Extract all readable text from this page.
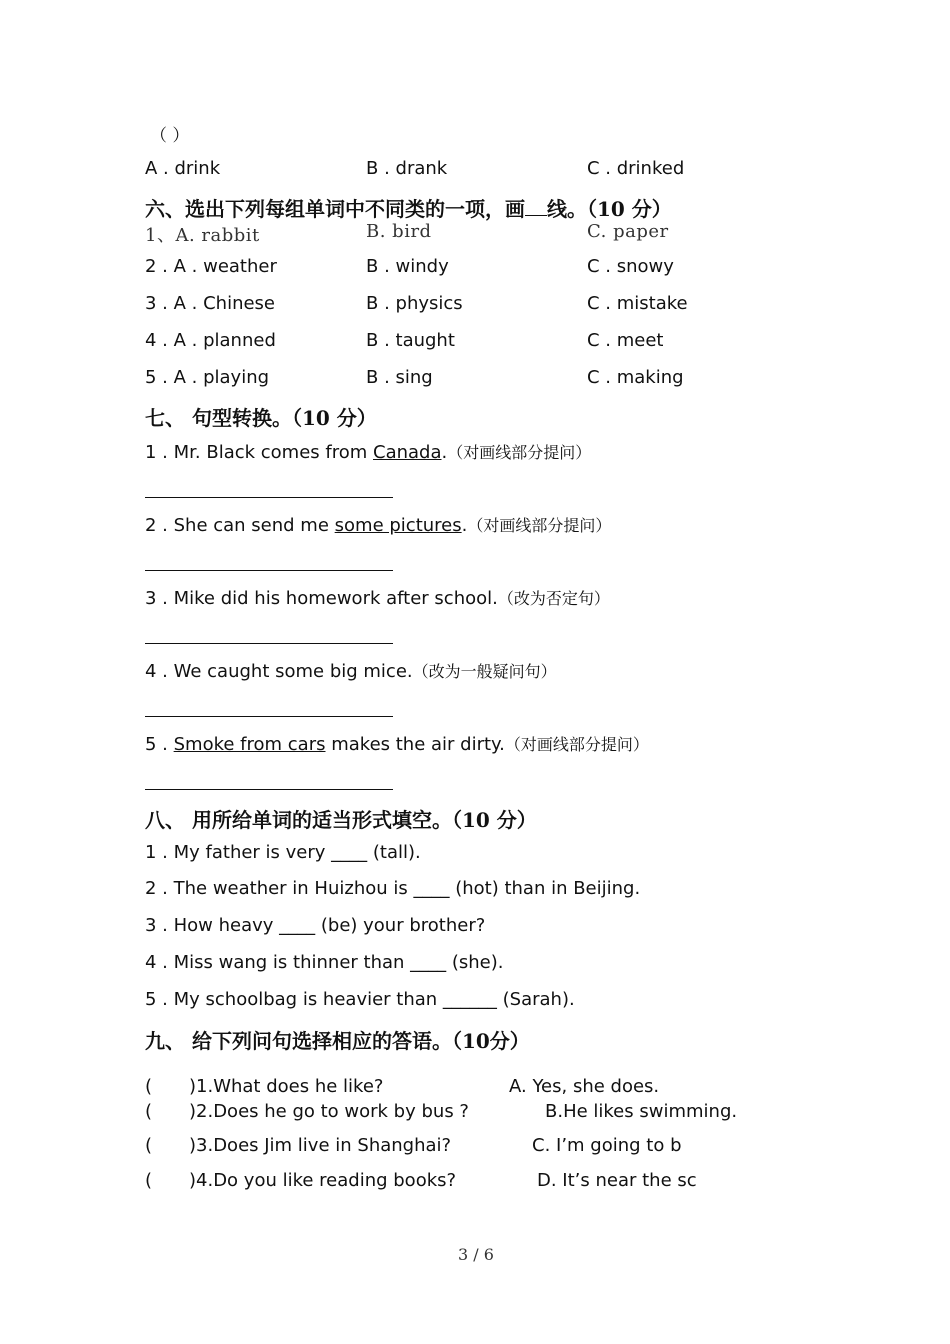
（ ）
A . drink	B . drank	C . drinked
六、选出下列每组单词中不同类的一项，画 线。（10 分）
1、A. rabbit	B. bird	C. paper
2 . A . weather	B . windy	C . snowy
3 . A . Chinese	B . physics	C . mistake
4 . A . planned	B . taught	C . meet
5 . A . playing	B . sing	C . making
七、 句型转换。（10 分）
1 . Mr. Black comes from Canada.（对画线部分提问）
2 . She can send me some pictures.（对画线部分提问）
3 . Mike did his homework after school.（改为否定句）
4 . We caught some big mice.（改为一般疑问句）
5 . Smoke from cars makes the air dirty.（对画线部分提问）
八、 用所给单词的适当形式填空。（10 分）
1 . My father is very ____ (tall).
2 . The weather in Huizhou is ____ (hot) than in Beijing.
3 . How heavy ____ (be) your brother?
4 . Miss wang is thinner than ____ (she).
5 . My schoolbag is heavier than ______ (Sarah).
九、 给下列问句选择相应的答语。（10分）
( )1.What does he like?	A. Yes, she does.
( )2.Does he go to work by bus ?	B.He likes swimming.
( )3.Does Jim live in Shanghai?	C. I’m going to b
( )4.Do you like reading books?	D. It’s near the sc
3 / 6
